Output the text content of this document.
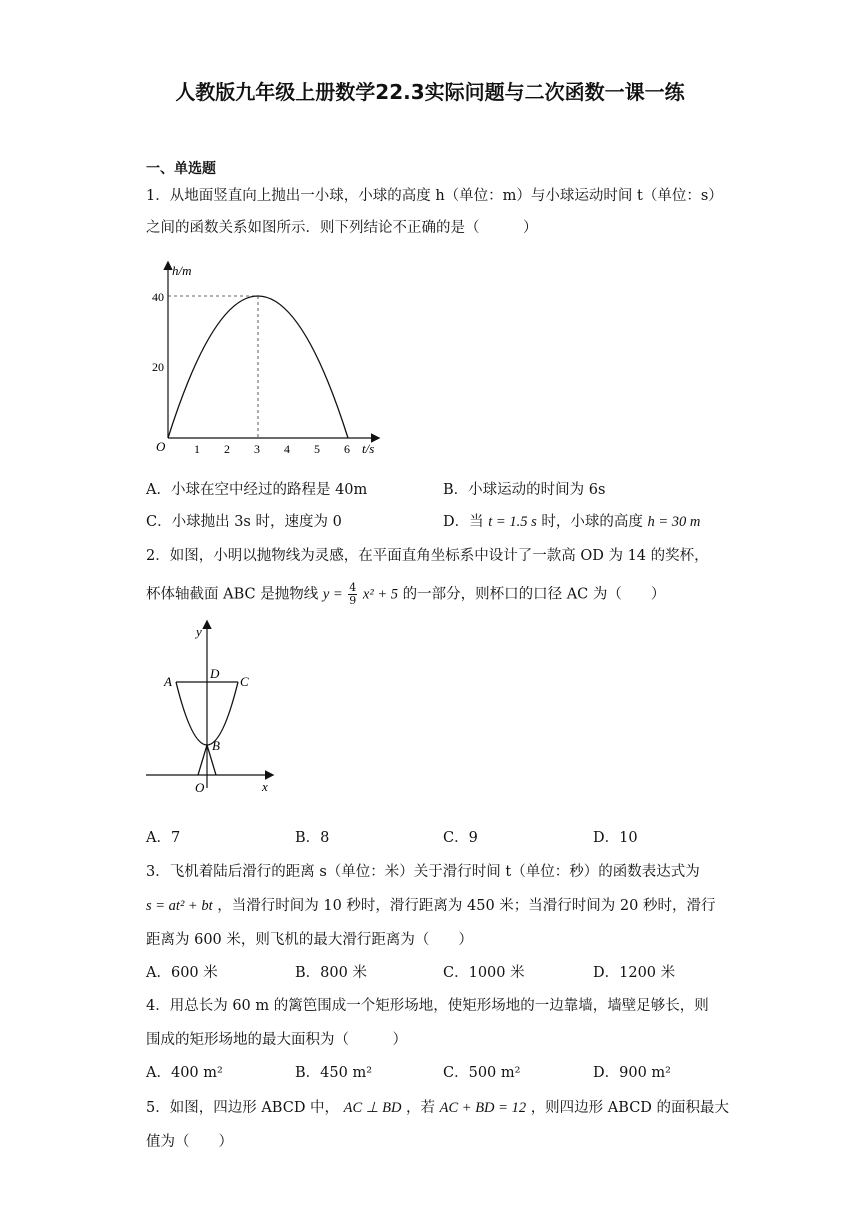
人教版九年级上册数学22.3实际问题与二次函数一课一练
一、单选题
1．从地面竖直向上抛出一小球，小球的高度 h（单位：m）与小球运动时间 t（单位：s）
之间的函数关系如图所示．则下列结论不正确的是（　　　）
h/m
t/s
O
40
20
1 2 3 4 5 6
A．小球在空中经过的路程是 40m	B．小球运动的时间为 6s
C．小球抛出 3s 时，速度为 0	D．当 t = 1.5 s 时，小球的高度 h = 30 m
2．如图，小明以抛物线为灵感，在平面直角坐标系中设计了一款高 OD 为 14 的奖杯，
杯体轴截面 ABC 是抛物线 $y = \frac{4}{9} x^2 + 5$ 的一部分，则杯口的口径 AC 为（　　）
y
x
A
D
C
B
O
A．7	B．8	C．9	D．10
3．飞机着陆后滑行的距离 s（单位：米）关于滑行时间 t（单位：秒）的函数表达式为
s = at² + bt ，当滑行时间为 10 秒时，滑行距离为 450 米；当滑行时间为 20 秒时，滑行
距离为 600 米，则飞机的最大滑行距离为（　　）
A．600 米	B．800 米	C．1000 米	D．1200 米
4．用总长为 60 m 的篱笆围成一个矩形场地，使矩形场地的一边靠墙，墙壁足够长，则
围成的矩形场地的最大面积为（　　　）
A．400 m²	B．450 m²	C．500 m²	D．900 m²
5．如图，四边形 ABCD 中， AC ⊥ BD ，若 AC + BD = 12 ，则四边形 ABCD 的面积最大
值为（　　）
